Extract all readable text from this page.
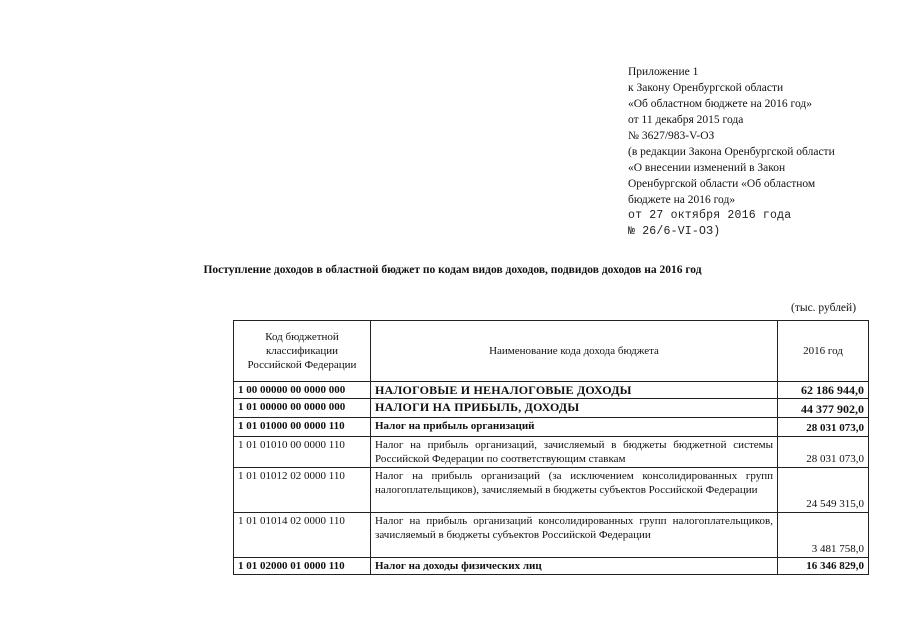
Приложение 1
к Закону Оренбургской области
«Об областном бюджете на 2016 год»
от 11 декабря 2015 года
№ 3627/983-V-ОЗ
(в редакции Закона Оренбургской области
«О внесении изменений в Закон
Оренбургской области «Об областном
бюджете на 2016 год»
от 27 октября 2016 года
№ 26/6-VI-ОЗ)
Поступление доходов в областной бюджет по кодам видов доходов, подвидов доходов на 2016 год
(тыс. рублей)
Код бюджетной классификации Российской Федерации	Наименование кода дохода бюджета	2016 год
1 00 00000 00 0000 000	НАЛОГОВЫЕ И НЕНАЛОГОВЫЕ ДОХОДЫ	62 186 944,0
1 01 00000 00 0000 000	НАЛОГИ НА ПРИБЫЛЬ, ДОХОДЫ	44 377 902,0
1 01 01000 00 0000 110	Налог на прибыль организаций	28 031 073,0
1 01 01010 00 0000 110	Налог на прибыль организаций, зачисляемый в бюджеты бюджетной системы Российской Федерации по соответствующим ставкам	28 031 073,0
1 01 01012 02 0000 110	Налог на прибыль организаций (за исключением консолидированных групп налогоплательщиков), зачисляемый в бюджеты субъектов Российской Федерации	24 549 315,0
1 01 01014 02 0000 110	Налог на прибыль организаций консолидированных групп налогоплательщиков, зачисляемый в бюджеты субъектов Российской Федерации	3 481 758,0
1 01 02000 01 0000 110	Налог на доходы физических лиц	16 346 829,0
